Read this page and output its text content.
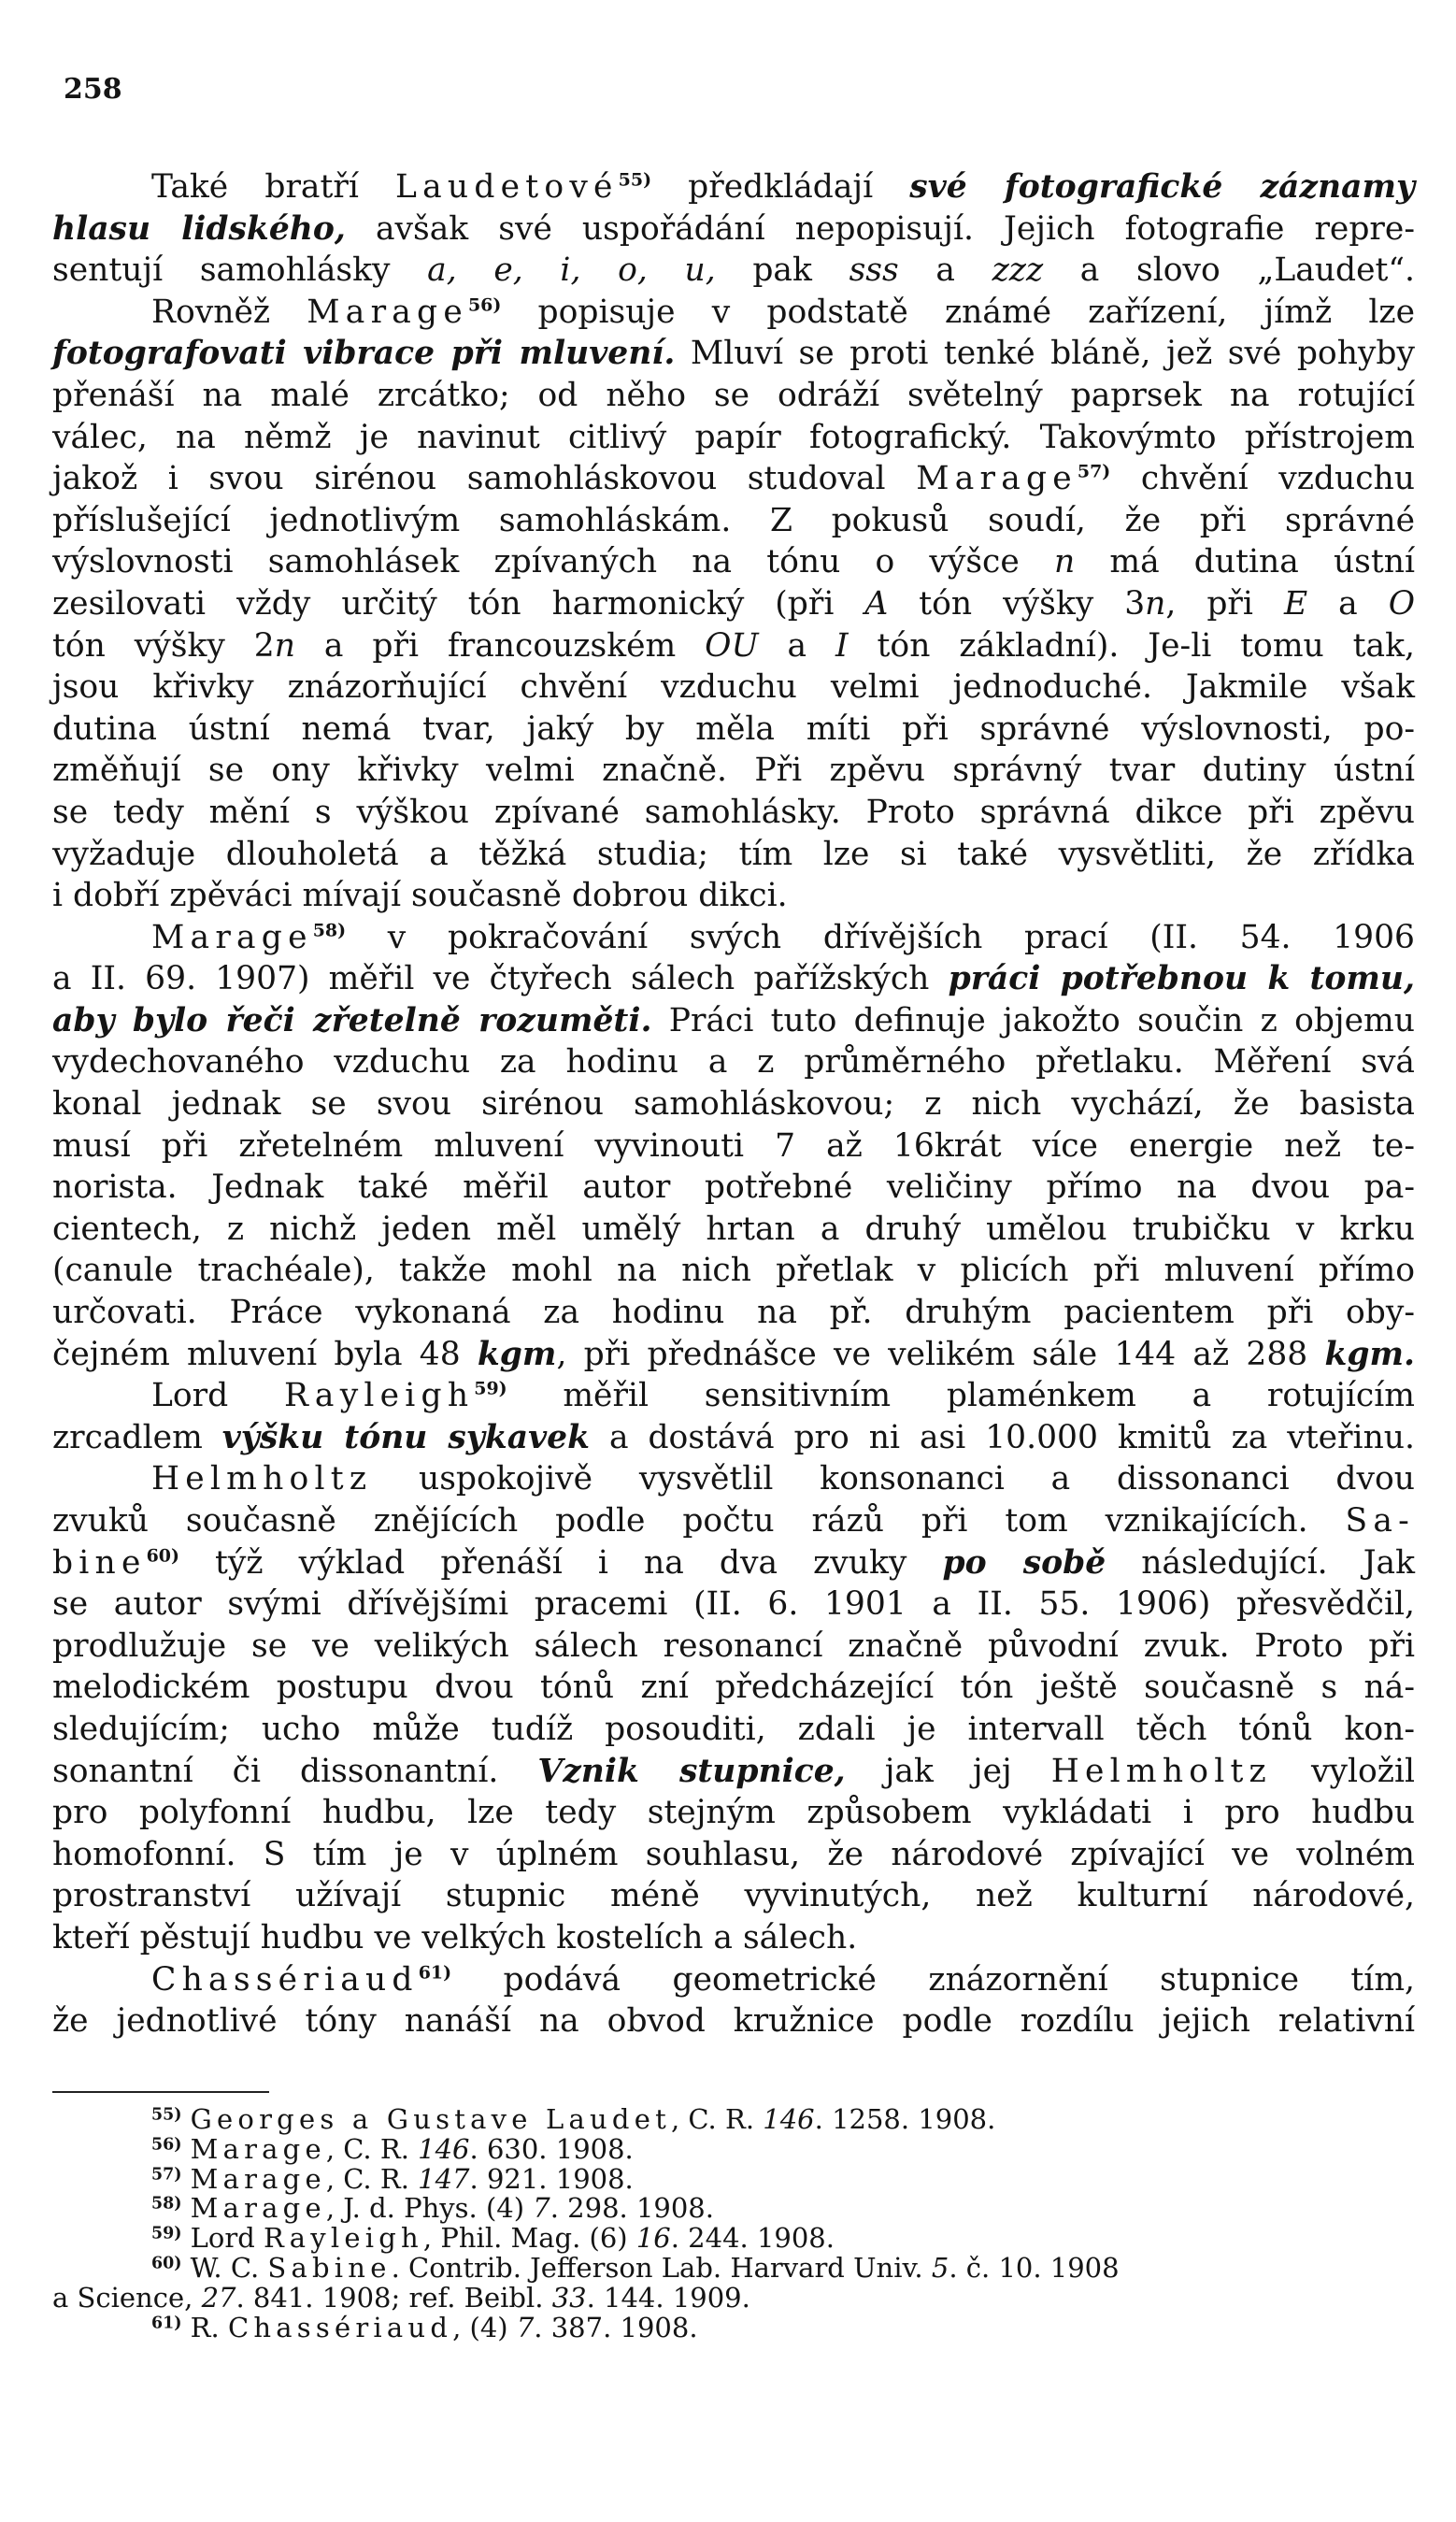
258
Také bratří Laudetové$^{55)}$ předkládají své fotografické záznamy
hlasu lidského, avšak své uspořádání nepopisují. Jejich fotografie repre-
sentují samohlásky a, e, i, o, u, pak sss a zzz a slovo „Laudet“.
Rovněž Marage$^{56)}$ popisuje v podstatě známé zařízení, jímž lze
fotografovati vibrace při mluvení. Mluví se proti tenké bláně, jež své pohyby
přenáší na malé zrcátko; od něho se odráží světelný paprsek na rotující
válec, na němž je navinut citlivý papír fotografický. Takovýmto přístrojem
jakož i svou sirénou samohláskovou studoval Marage$^{57)}$ chvění vzduchu
příslušející jednotlivým samohláskám. Z pokusů soudí, že při správné
výslovnosti samohlásek zpívaných na tónu o výšce n má dutina ústní
zesilovati vždy určitý tón harmonický (při A tón výšky 3n, při E a O
tón výšky 2n a při francouzském OU a I tón základní). Je-li tomu tak,
jsou křivky znázorňující chvění vzduchu velmi jednoduché. Jakmile však
dutina ústní nemá tvar, jaký by měla míti při správné výslovnosti, po-
změňují se ony křivky velmi značně. Při zpěvu správný tvar dutiny ústní
se tedy mění s výškou zpívané samohlásky. Proto správná dikce při zpěvu
vyžaduje dlouholetá a těžká studia; tím lze si také vysvětliti, že zřídka
i dobří zpěváci mívají současně dobrou dikci.
Marage$^{58)}$ v pokračování svých dřívějších prací (II. 54. 1906
a II. 69. 1907) měřil ve čtyřech sálech pařížských práci potřebnou k tomu,
aby bylo řeči zřetelně rozuměti. Práci tuto definuje jakožto součin z objemu
vydechovaného vzduchu za hodinu a z průměrného přetlaku. Měření svá
konal jednak se svou sirénou samohláskovou; z nich vychází, že basista
musí při zřetelném mluvení vyvinouti 7 až 16krát více energie než te-
norista. Jednak také měřil autor potřebné veličiny přímo na dvou pa-
cientech, z nichž jeden měl umělý hrtan a druhý umělou trubičku v krku
(canule trachéale), takže mohl na nich přetlak v plicích při mluvení přímo
určovati. Práce vykonaná za hodinu na př. druhým pacientem při oby-
čejném mluvení byla 48 kgm, při přednášce ve velikém sále 144 až 288 kgm.
Lord Rayleigh$^{59)}$ měřil sensitivním plaménkem a rotujícím
zrcadlem výšku tónu sykavek a dostává pro ni asi 10.000 kmitů za vteřinu.
Helmholtz uspokojivě vysvětlil konsonanci a dissonanci dvou
zvuků současně znějících podle počtu rázů při tom vznikajících. Sa-
bine$^{60)}$ týž výklad přenáší i na dva zvuky po sobě následující. Jak
se autor svými dřívějšími pracemi (II. 6. 1901 a II. 55. 1906) přesvědčil,
prodlužuje se ve velikých sálech resonancí značně původní zvuk. Proto při
melodickém postupu dvou tónů zní předcházející tón ještě současně s ná-
sledujícím; ucho může tudíž posouditi, zdali je intervall těch tónů kon-
sonantní či dissonantní. Vznik stupnice, jak jej Helmholtz vyložil
pro polyfonní hudbu, lze tedy stejným způsobem vykládati i pro hudbu
homofonní. S tím je v úplném souhlasu, že národové zpívající ve volném
prostranství užívají stupnic méně vyvinutých, než kulturní národové,
kteří pěstují hudbu ve velkých kostelích a sálech.
Chassériaud$^{61)}$ podává geometrické znázornění stupnice tím,
že jednotlivé tóny nanáší na obvod kružnice podle rozdílu jejich relativní
$^{55)}$ Georges a Gustave Laudet, C. R. 146. 1258. 1908.
$^{56)}$ Marage, C. R. 146. 630. 1908.
$^{57)}$ Marage, C. R. 147. 921. 1908.
$^{58)}$ Marage, J. d. Phys. (4) 7. 298. 1908.
$^{59)}$ Lord Rayleigh, Phil. Mag. (6) 16. 244. 1908.
$^{60)}$ W. C. Sabine. Contrib. Jefferson Lab. Harvard Univ. 5. č. 10. 1908
a Science, 27. 841. 1908; ref. Beibl. 33. 144. 1909.
$^{61)}$ R. Chassériaud, (4) 7. 387. 1908.
